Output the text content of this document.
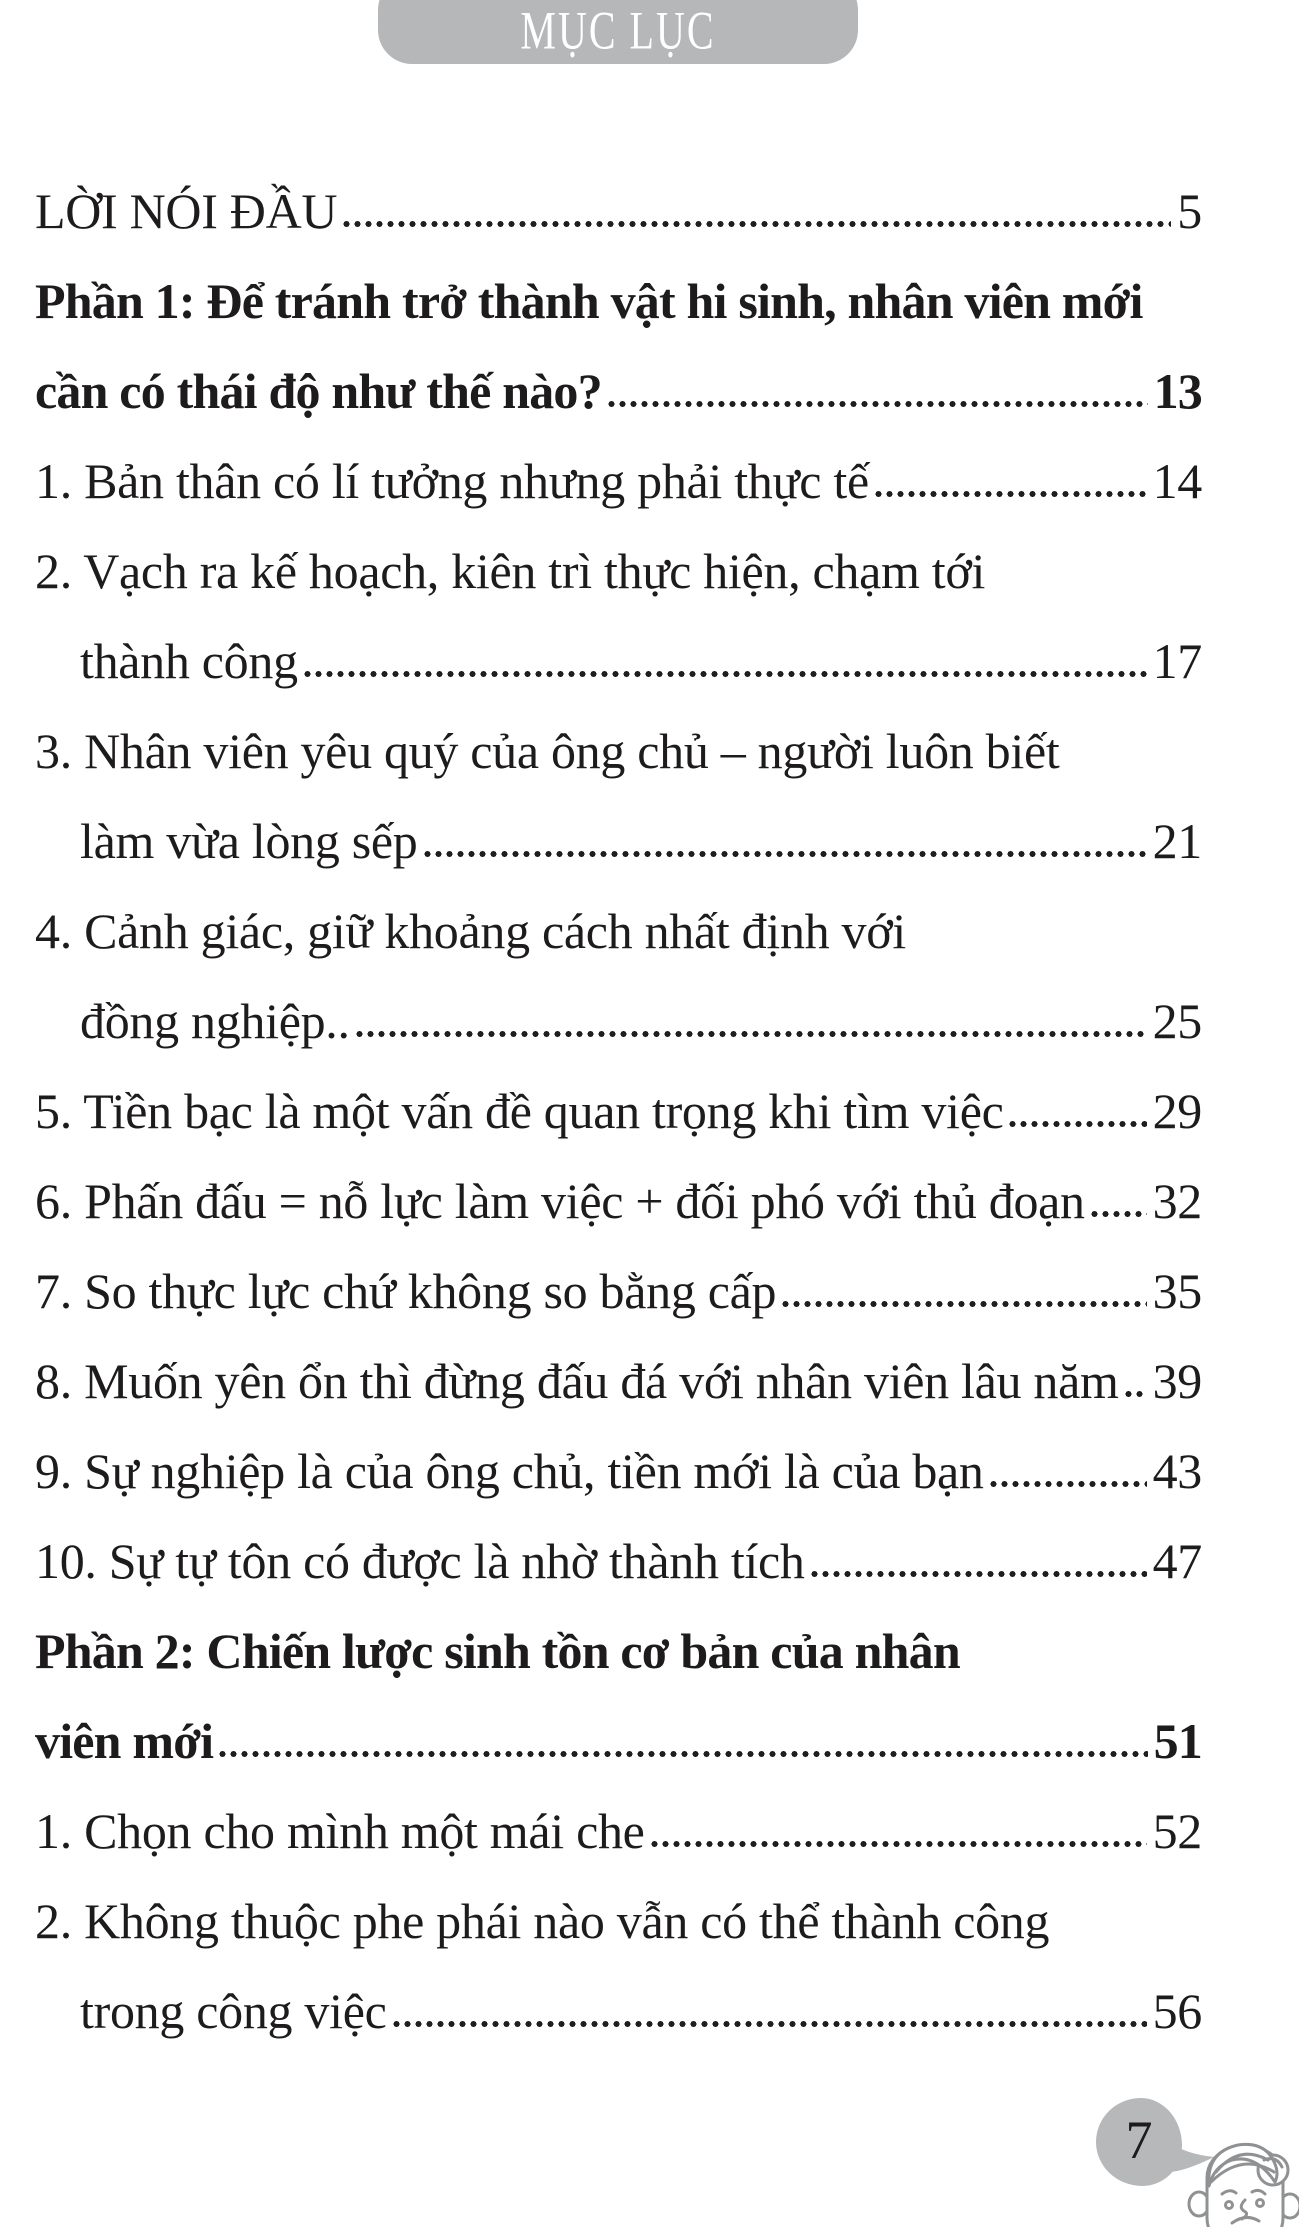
MỤC LỤC
LỜI NÓI ĐẦU	5
Phần 1: Để tránh trở thành vật hi sinh, nhân viên mới
cần có thái độ như thế nào?	13
1. Bản thân có lí tưởng nhưng phải thực tế	14
2. Vạch ra kế hoạch, kiên trì thực hiện, chạm tới
thành công	17
3. Nhân viên yêu quý của ông chủ – người luôn biết
làm vừa lòng sếp	21
4. Cảnh giác, giữ khoảng cách nhất định với
đồng nghiệp..	25
5. Tiền bạc là một vấn đề quan trọng khi tìm việc	29
6. Phấn đấu = nỗ lực làm việc + đối phó với thủ đoạn 32
7. So thực lực chứ không so bằng cấp	35
8. Muốn yên ổn thì đừng đấu đá với nhân viên lâu năm 39
9. Sự nghiệp là của ông chủ, tiền mới là của bạn	43
10. Sự tự tôn có được là nhờ thành tích	47
Phần 2: Chiến lược sinh tồn cơ bản của nhân
viên mới	51
1. Chọn cho mình một mái che	52
2. Không thuộc phe phái nào vẫn có thể thành công
trong công việc	56
7
